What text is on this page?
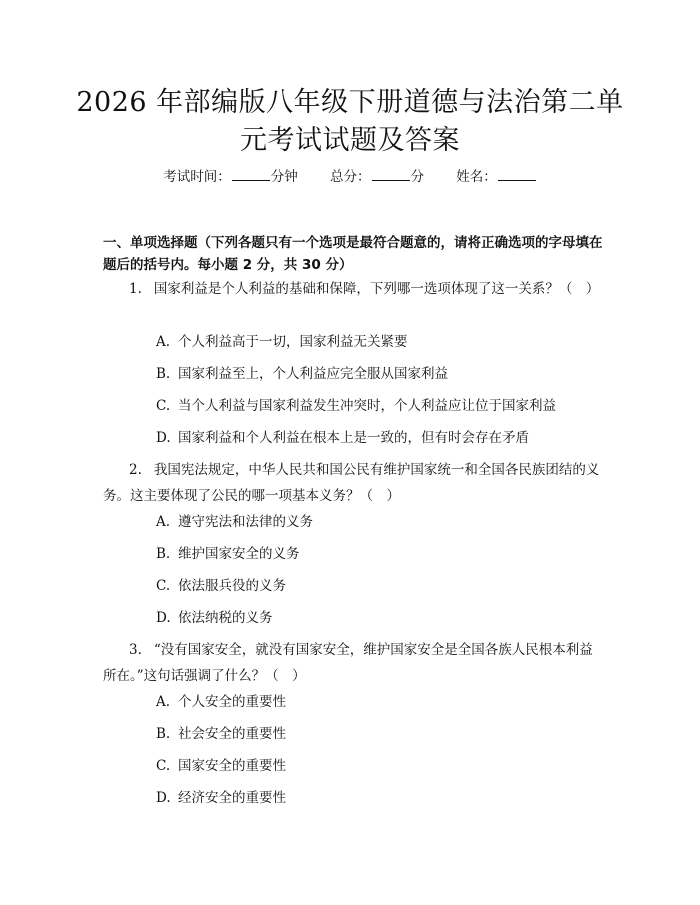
2026 年部编版八年级下册道德与法治第二单
元考试试题及答案
考试时间：	分钟 总分：	分 姓名：
一、单项选择题（下列各题只有一个选项是最符合题意的，请将正确选项的字母填在题后的括号内。每小题 2 分，共 30 分）
1. 国家利益是个人利益的基础和保障，下列哪一选项体现了这一关系？（　）
A. 个人利益高于一切，国家利益无关紧要
B. 国家利益至上，个人利益应完全服从国家利益
C. 当个人利益与国家利益发生冲突时，个人利益应让位于国家利益
D. 国家利益和个人利益在根本上是一致的，但有时会存在矛盾
2. 我国宪法规定，中华人民共和国公民有维护国家统一和全国各民族团结的义务。这主要体现了公民的哪一项基本义务？（　）
A. 遵守宪法和法律的义务
B. 维护国家安全的义务
C. 依法服兵役的义务
D. 依法纳税的义务
3. “没有国家安全，就没有国家安全，维护国家安全是全国各族人民根本利益所在。”这句话强调了什么？（　）
A. 个人安全的重要性
B. 社会安全的重要性
C. 国家安全的重要性
D. 经济安全的重要性
